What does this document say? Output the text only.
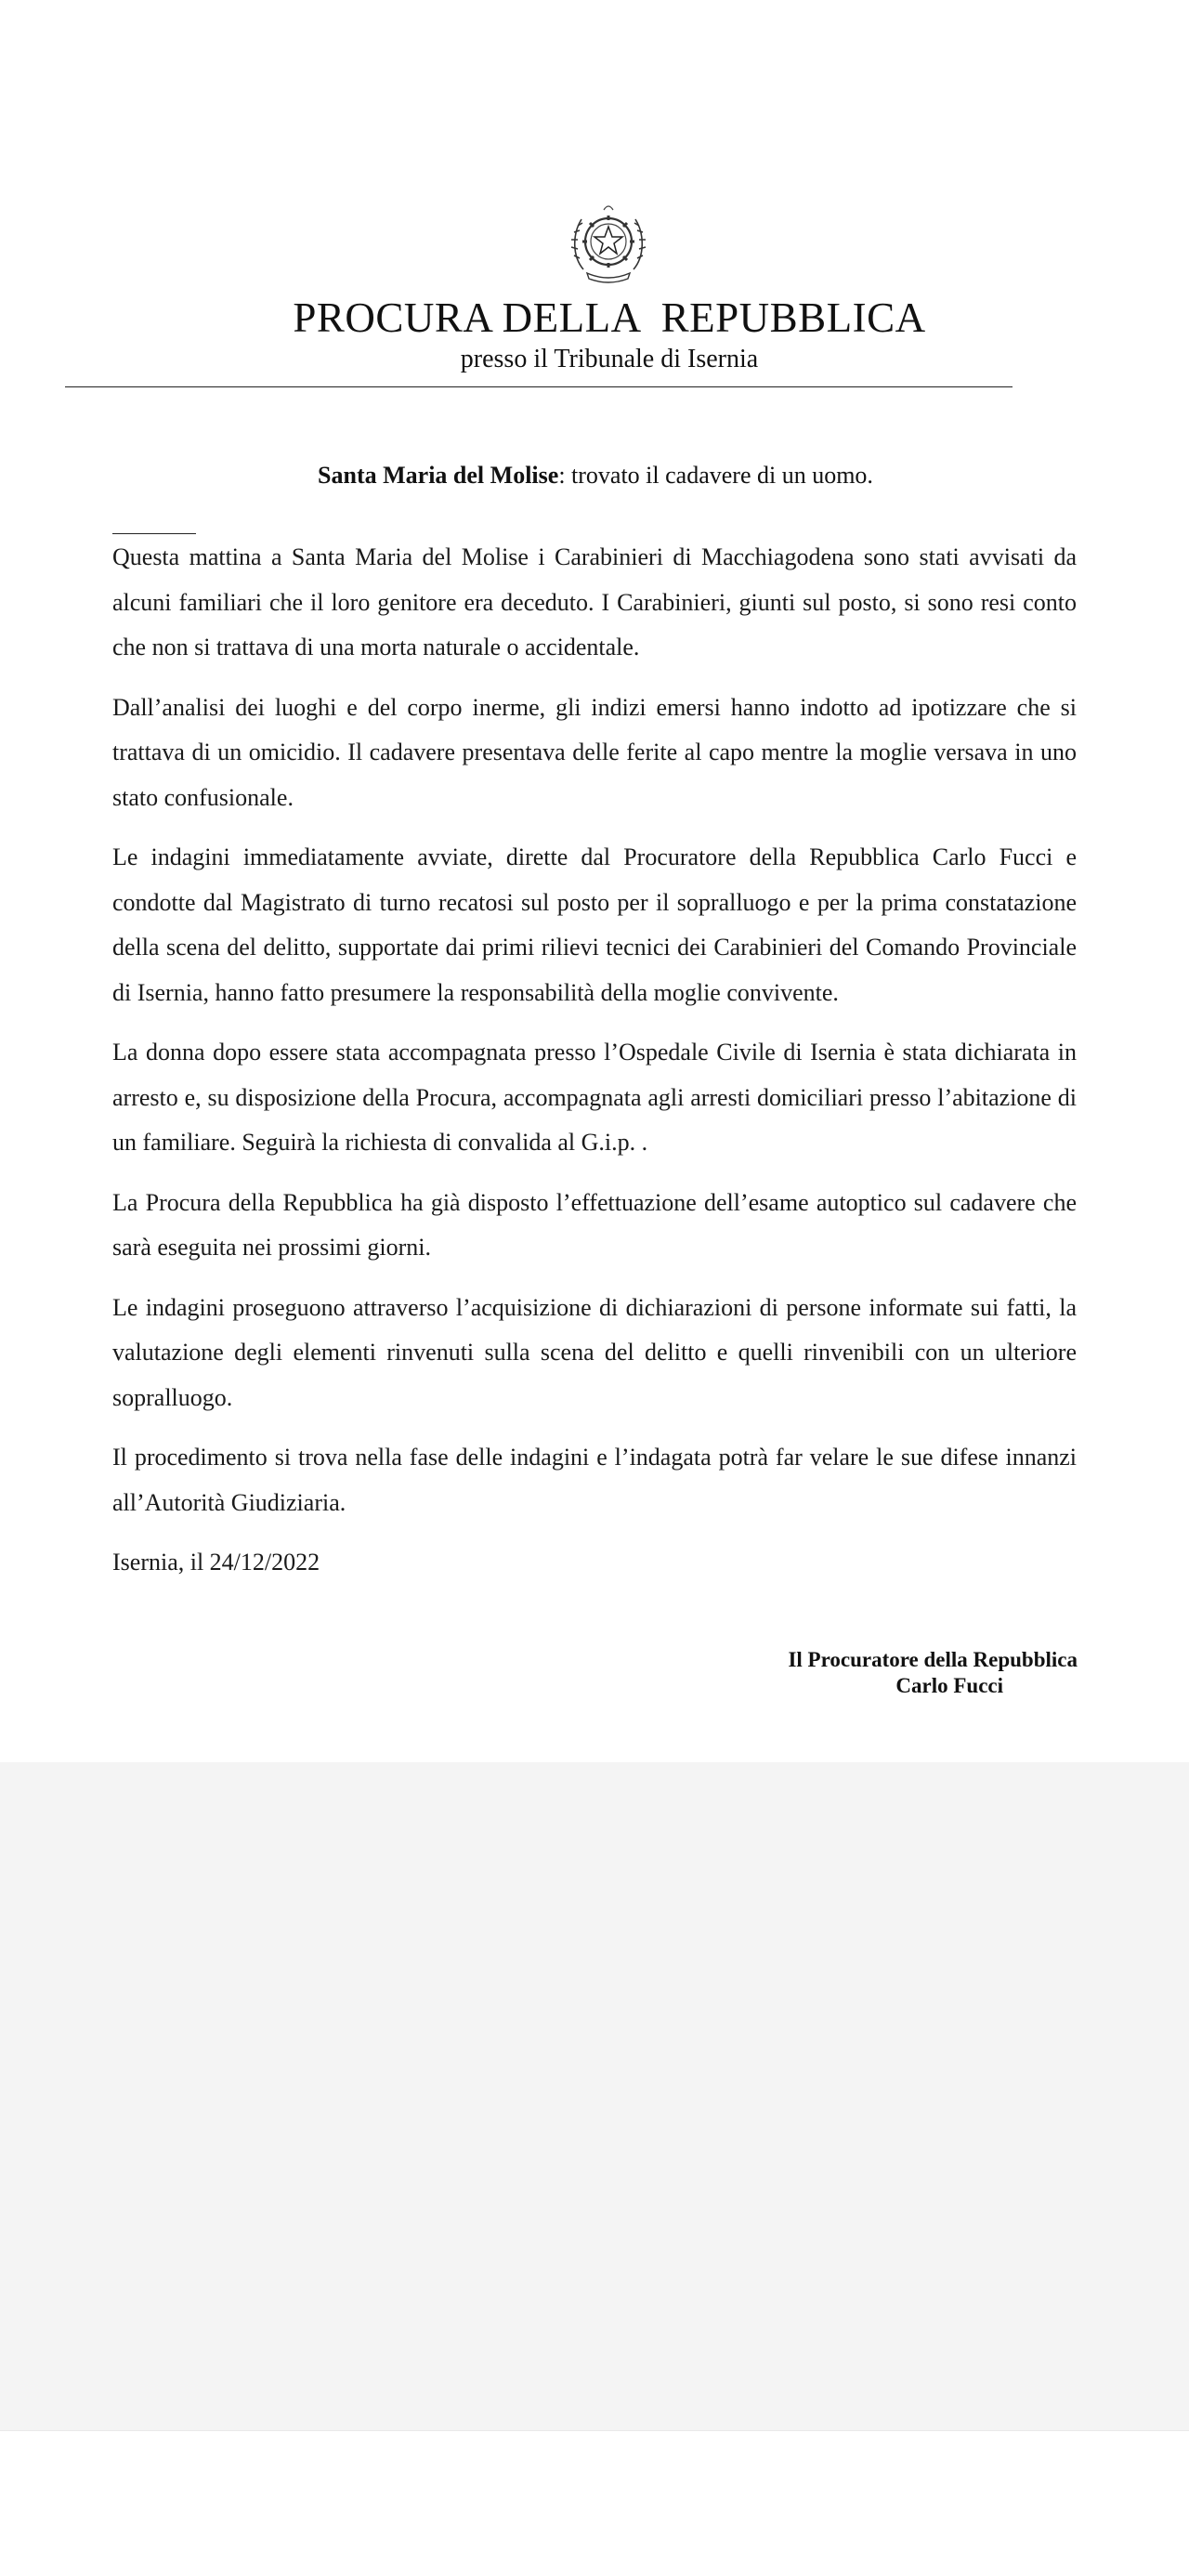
PROCURA DELLA  REPUBBLICA
presso il Tribunale di Isernia
Santa Maria del Molise: trovato il cadavere di un uomo.

Questa mattina a Santa Maria del Molise i Carabinieri di Macchiagodena sono stati avvisati da alcuni familiari che il loro genitore era deceduto. I Carabinieri, giunti sul posto, si sono resi conto che non si trattava di una morta naturale o accidentale.

Dall’analisi dei luoghi e del corpo inerme, gli indizi emersi hanno indotto ad ipotizzare che si trattava di un omicidio. Il cadavere presentava delle ferite al capo mentre la moglie versava in uno stato confusionale.

Le indagini immediatamente avviate, dirette dal Procuratore della Repubblica Carlo Fucci e condotte dal Magistrato di turno recatosi sul posto per il sopralluogo e per la prima constatazione della scena del delitto, supportate dai primi rilievi tecnici dei Carabinieri del Comando Provinciale di Isernia, hanno fatto presumere la responsabilità della moglie convivente.

La donna dopo essere stata accompagnata presso l’Ospedale Civile di Isernia è stata dichiarata in arresto e, su disposizione della Procura, accompagnata agli arresti domiciliari presso l’abitazione di un familiare. Seguirà la richiesta di convalida al G.i.p. .

La Procura della Repubblica ha già disposto l’effettuazione dell’esame autoptico sul cadavere che sarà eseguita nei prossimi giorni.

Le indagini proseguono attraverso l’acquisizione di dichiarazioni di persone informate sui fatti, la valutazione degli elementi rinvenuti sulla scena del delitto e quelli rinvenibili con un ulteriore sopralluogo.

Il procedimento si trova nella fase delle indagini e l’indagata potrà far velare le sue difese innanzi all’Autorità Giudiziaria.

Isernia, il 24/12/2022

Il Procuratore della Repubblica
Carlo Fucci
